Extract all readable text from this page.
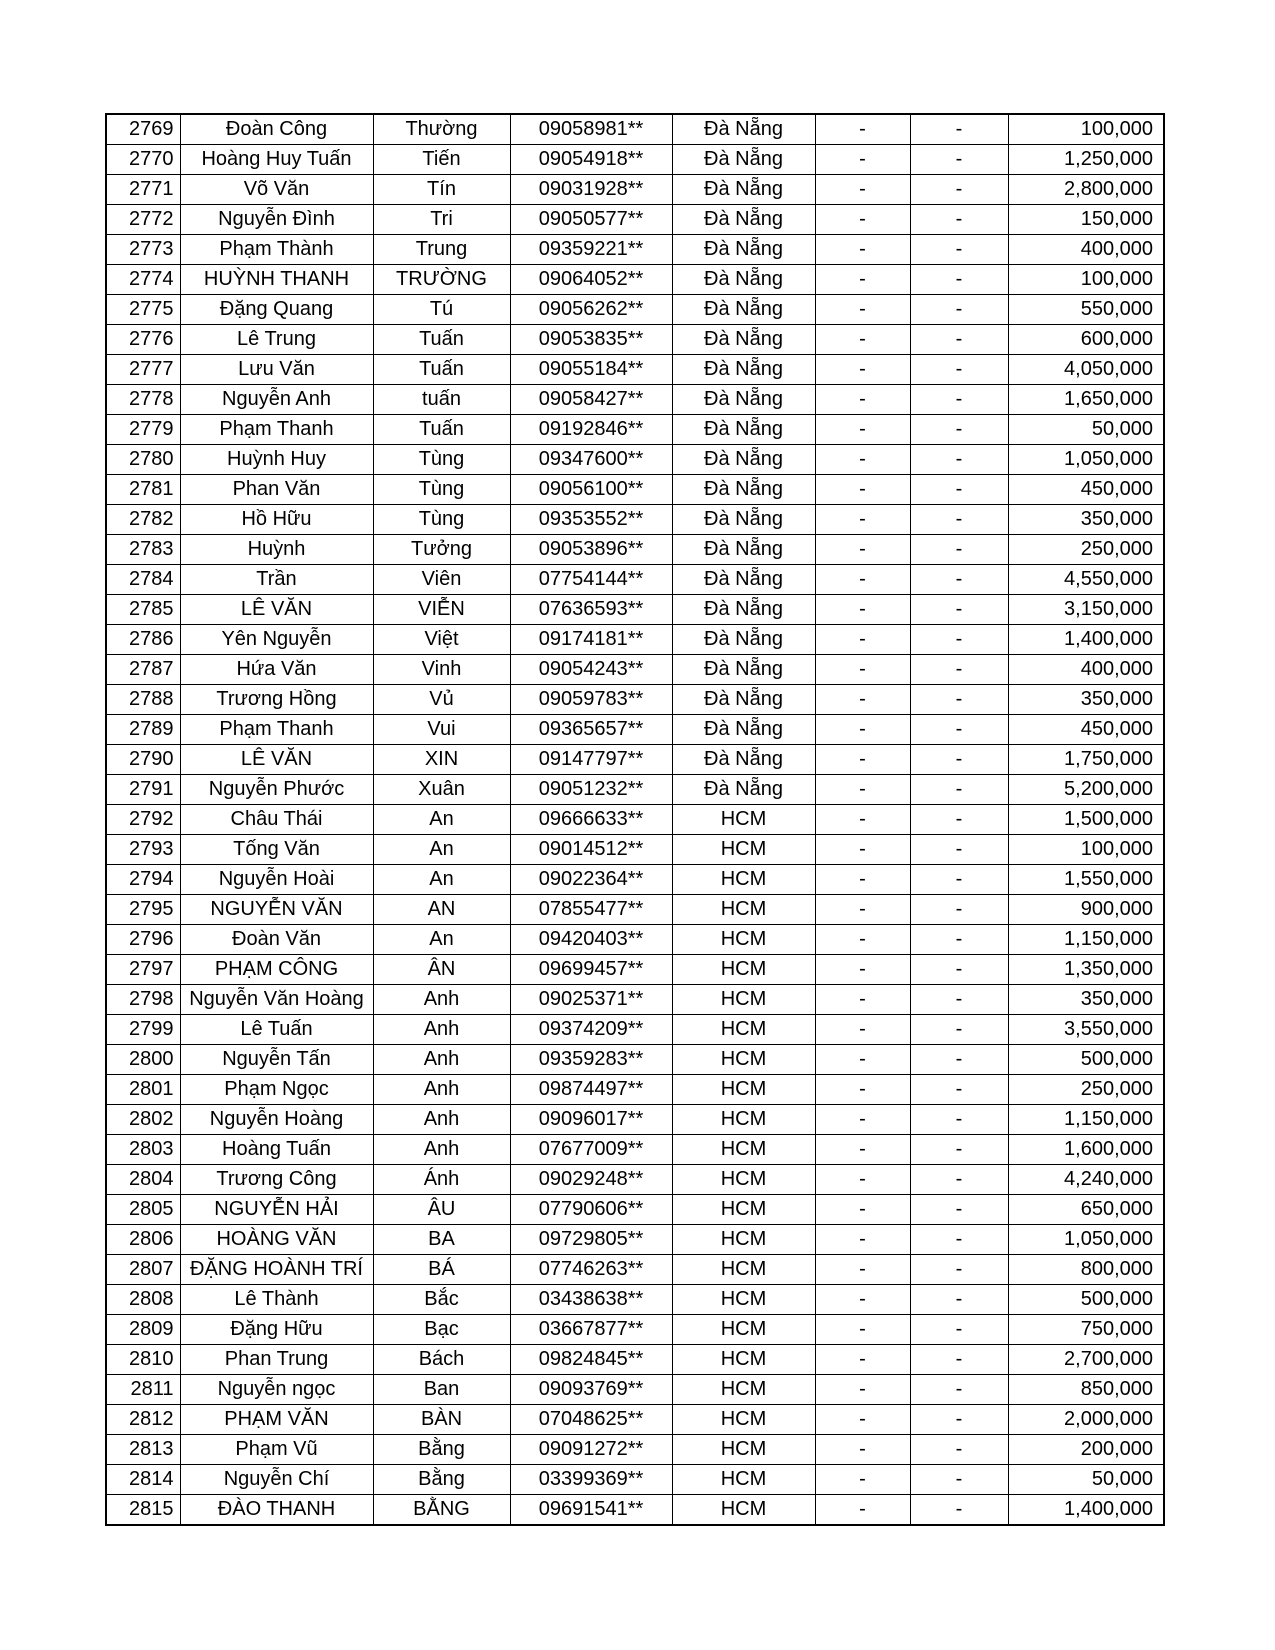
2769	Đoàn Công	Thường	09058981**	Đà Nẵng	-	-	100,000
2770	Hoàng Huy Tuấn	Tiến	09054918**	Đà Nẵng	-	-	1,250,000
2771	Võ Văn	Tín	09031928**	Đà Nẵng	-	-	2,800,000
2772	Nguyễn Đình	Tri	09050577**	Đà Nẵng	-	-	150,000
2773	Phạm Thành	Trung	09359221**	Đà Nẵng	-	-	400,000
2774	HUỲNH THANH	TRƯỜNG	09064052**	Đà Nẵng	-	-	100,000
2775	Đặng Quang	Tú	09056262**	Đà Nẵng	-	-	550,000
2776	Lê Trung	Tuấn	09053835**	Đà Nẵng	-	-	600,000
2777	Lưu Văn	Tuấn	09055184**	Đà Nẵng	-	-	4,050,000
2778	Nguyễn Anh	tuấn	09058427**	Đà Nẵng	-	-	1,650,000
2779	Phạm Thanh	Tuấn	09192846**	Đà Nẵng	-	-	50,000
2780	Huỳnh Huy	Tùng	09347600**	Đà Nẵng	-	-	1,050,000
2781	Phan Văn	Tùng	09056100**	Đà Nẵng	-	-	450,000
2782	Hồ Hữu	Tùng	09353552**	Đà Nẵng	-	-	350,000
2783	Huỳnh	Tưởng	09053896**	Đà Nẵng	-	-	250,000
2784	Trần	Viên	07754144**	Đà Nẵng	-	-	4,550,000
2785	LÊ VĂN	VIỄN	07636593**	Đà Nẵng	-	-	3,150,000
2786	Yên Nguyễn	Việt	09174181**	Đà Nẵng	-	-	1,400,000
2787	Hứa Văn	Vinh	09054243**	Đà Nẵng	-	-	400,000
2788	Trương Hồng	Vủ	09059783**	Đà Nẵng	-	-	350,000
2789	Phạm Thanh	Vui	09365657**	Đà Nẵng	-	-	450,000
2790	LÊ VĂN	XIN	09147797**	Đà Nẵng	-	-	1,750,000
2791	Nguyễn Phước	Xuân	09051232**	Đà Nẵng	-	-	5,200,000
2792	Châu Thái	An	09666633**	HCM	-	-	1,500,000
2793	Tống Văn	An	09014512**	HCM	-	-	100,000
2794	Nguyễn Hoài	An	09022364**	HCM	-	-	1,550,000
2795	NGUYỄN VĂN	AN	07855477**	HCM	-	-	900,000
2796	Đoàn Văn	An	09420403**	HCM	-	-	1,150,000
2797	PHẠM CÔNG	ÂN	09699457**	HCM	-	-	1,350,000
2798	Nguyễn Văn Hoàng	Anh	09025371**	HCM	-	-	350,000
2799	Lê Tuấn	Anh	09374209**	HCM	-	-	3,550,000
2800	Nguyễn Tấn	Anh	09359283**	HCM	-	-	500,000
2801	Phạm Ngọc	Anh	09874497**	HCM	-	-	250,000
2802	Nguyễn Hoàng	Anh	09096017**	HCM	-	-	1,150,000
2803	Hoàng Tuấn	Anh	07677009**	HCM	-	-	1,600,000
2804	Trương Công	Ánh	09029248**	HCM	-	-	4,240,000
2805	NGUYỄN HẢI	ÂU	07790606**	HCM	-	-	650,000
2806	HOÀNG VĂN	BA	09729805**	HCM	-	-	1,050,000
2807	ĐẶNG HOÀNH TRÍ	BÁ	07746263**	HCM	-	-	800,000
2808	Lê Thành	Bắc	03438638**	HCM	-	-	500,000
2809	Đặng Hữu	Bạc	03667877**	HCM	-	-	750,000
2810	Phan Trung	Bách	09824845**	HCM	-	-	2,700,000
2811	Nguyễn ngọc	Ban	09093769**	HCM	-	-	850,000
2812	PHẠM VĂN	BÀN	07048625**	HCM	-	-	2,000,000
2813	Phạm Vũ	Bằng	09091272**	HCM	-	-	200,000
2814	Nguyễn Chí	Bằng	03399369**	HCM	-	-	50,000
2815	ĐÀO THANH	BẰNG	09691541**	HCM	-	-	1,400,000
